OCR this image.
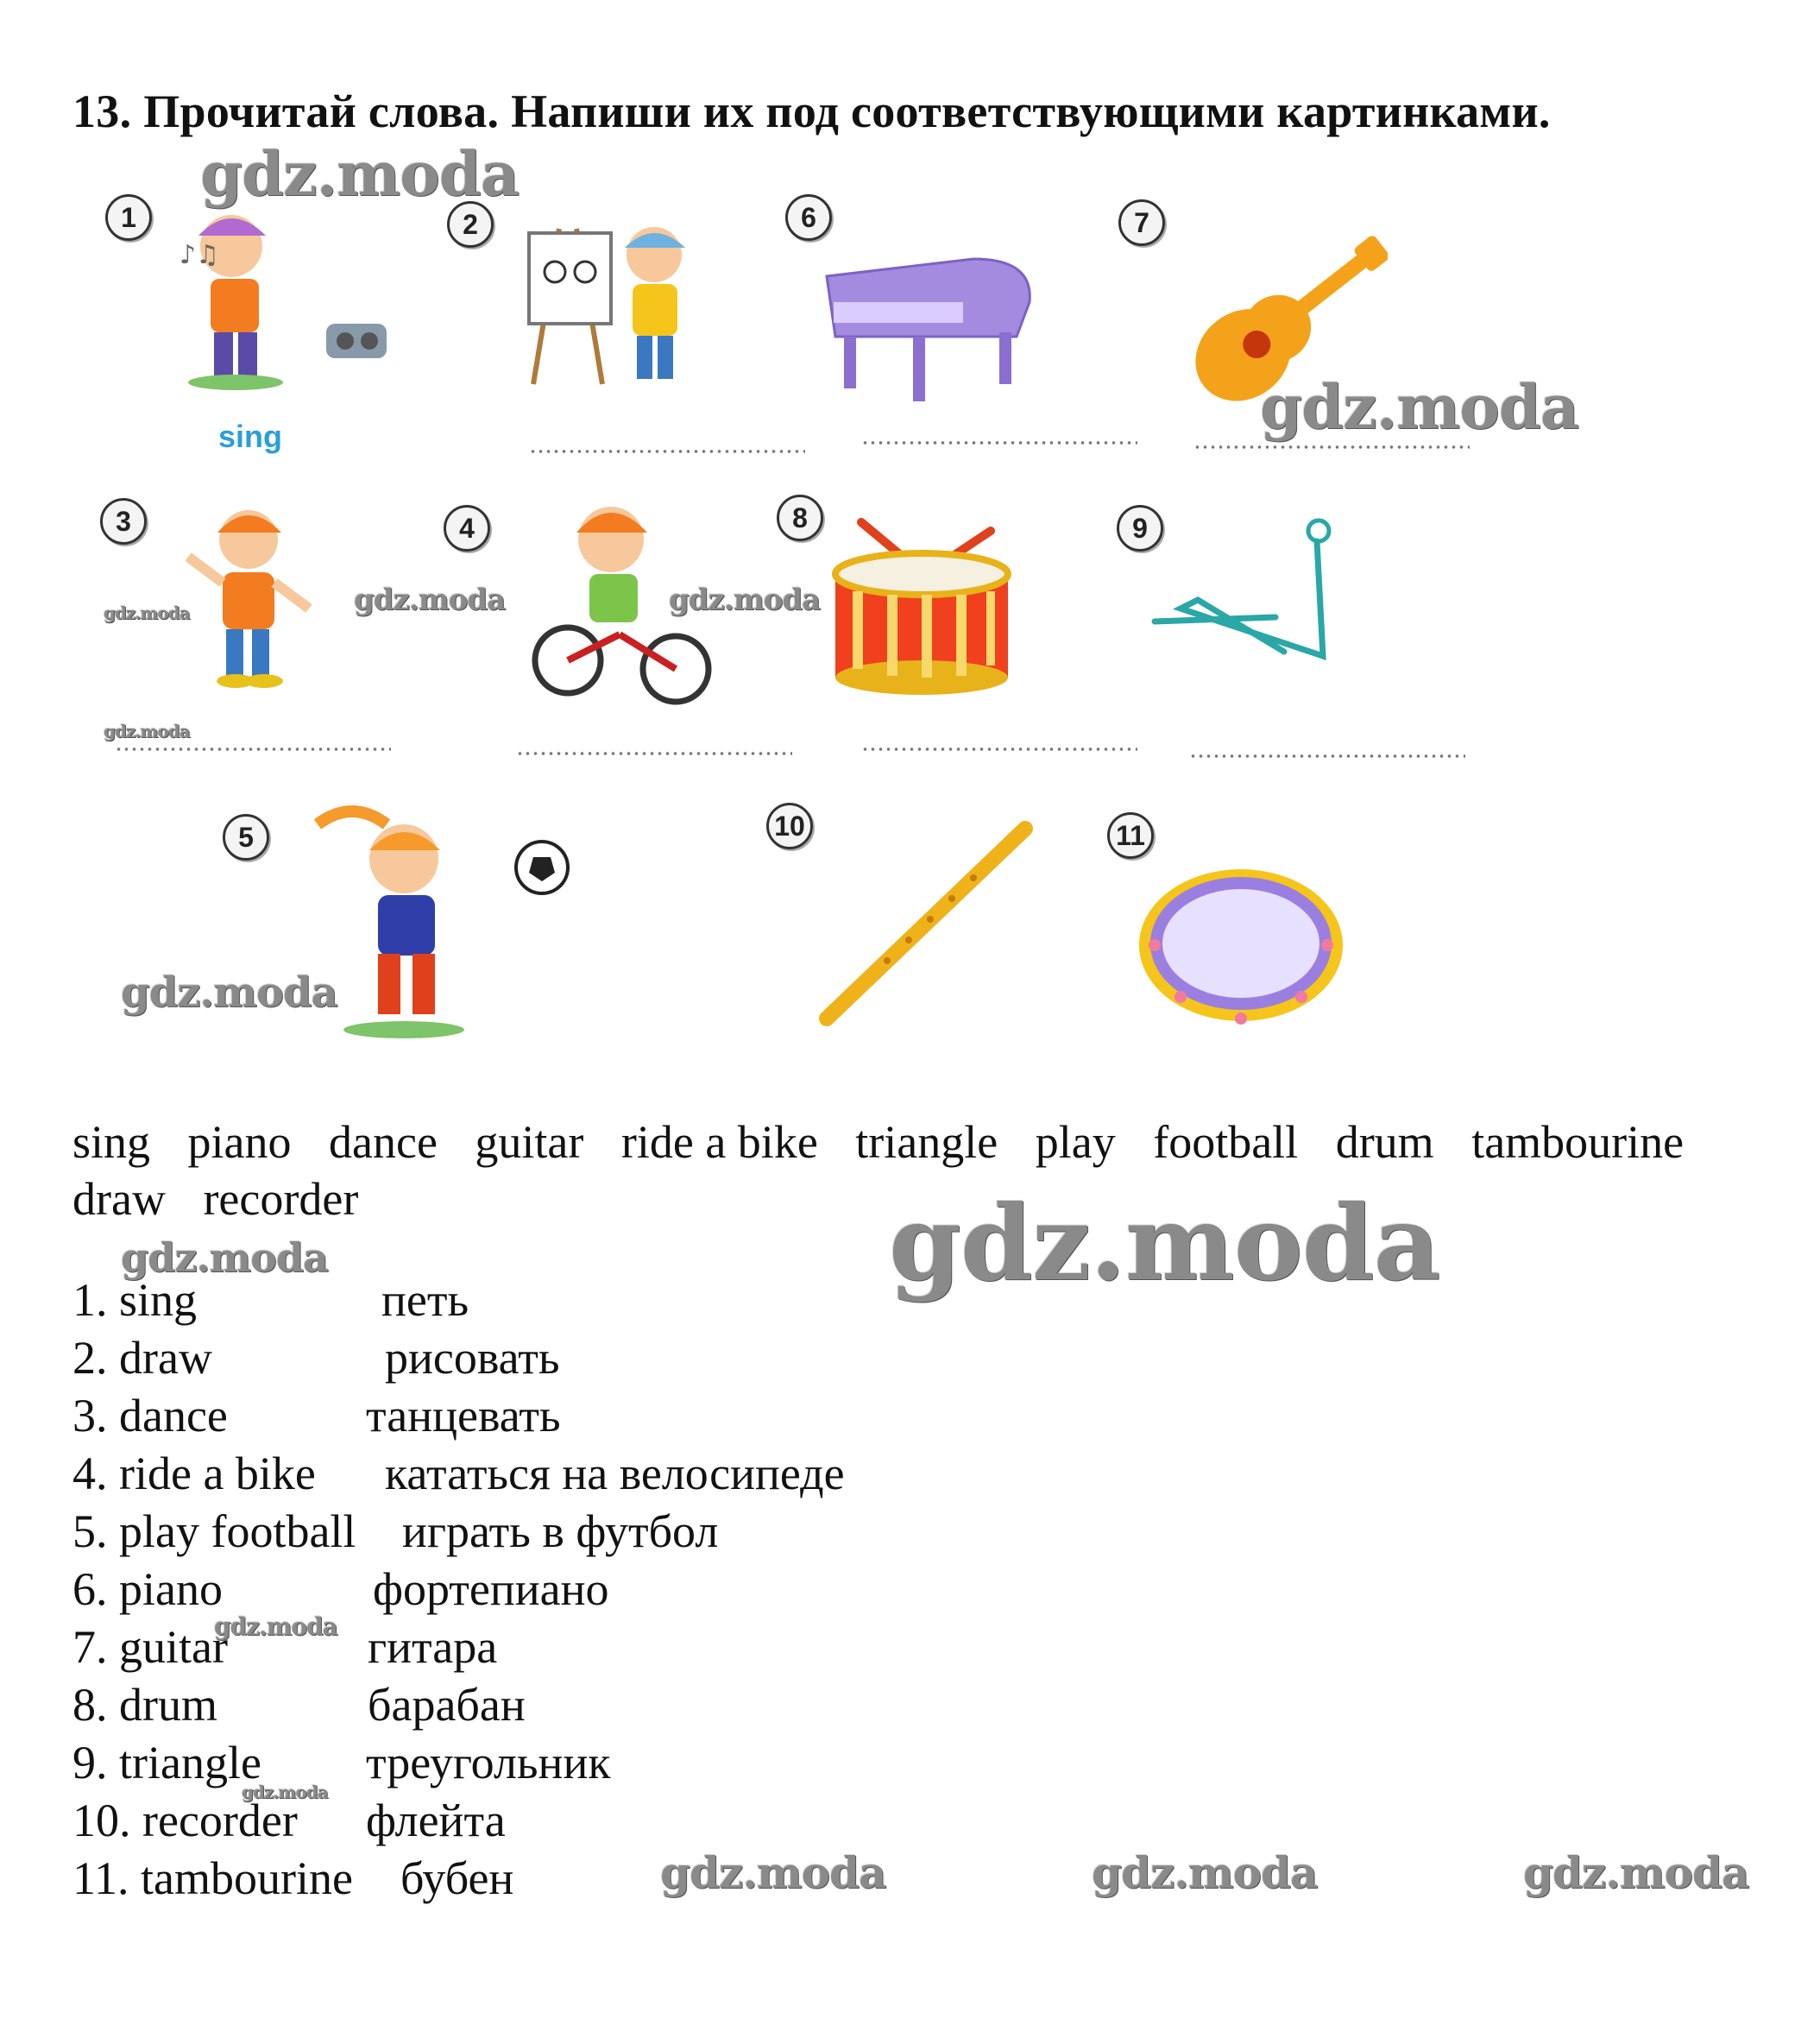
13. Прочитай слова. Напиши их под соответствующими картинками.
1
♪♫
sing
2	6	7
3	4	8	9
5	10	11
sing piano dance guitar ride a bike triangle play football drum tambourine
draw recorder
1. sing	петь
2. draw	рисовать
3. dance	танцевать
4. ride a bike кататься на велосипеде
5. play football играть в футбол
6. piano	фортепиано
7. guitar	гитара
8. drum	барабан
9. triangle треугольник
10. recorder флейта
11. tambourine бубен
gdz.moda
gdz.moda
gdz.moda	gdz.moda	gdz.moda
gdz.moda
gdz.moda
gdz.moda
gdz.moda
gdz.moda
gdz.moda
gdz.moda	gdz.moda	gdz.moda
